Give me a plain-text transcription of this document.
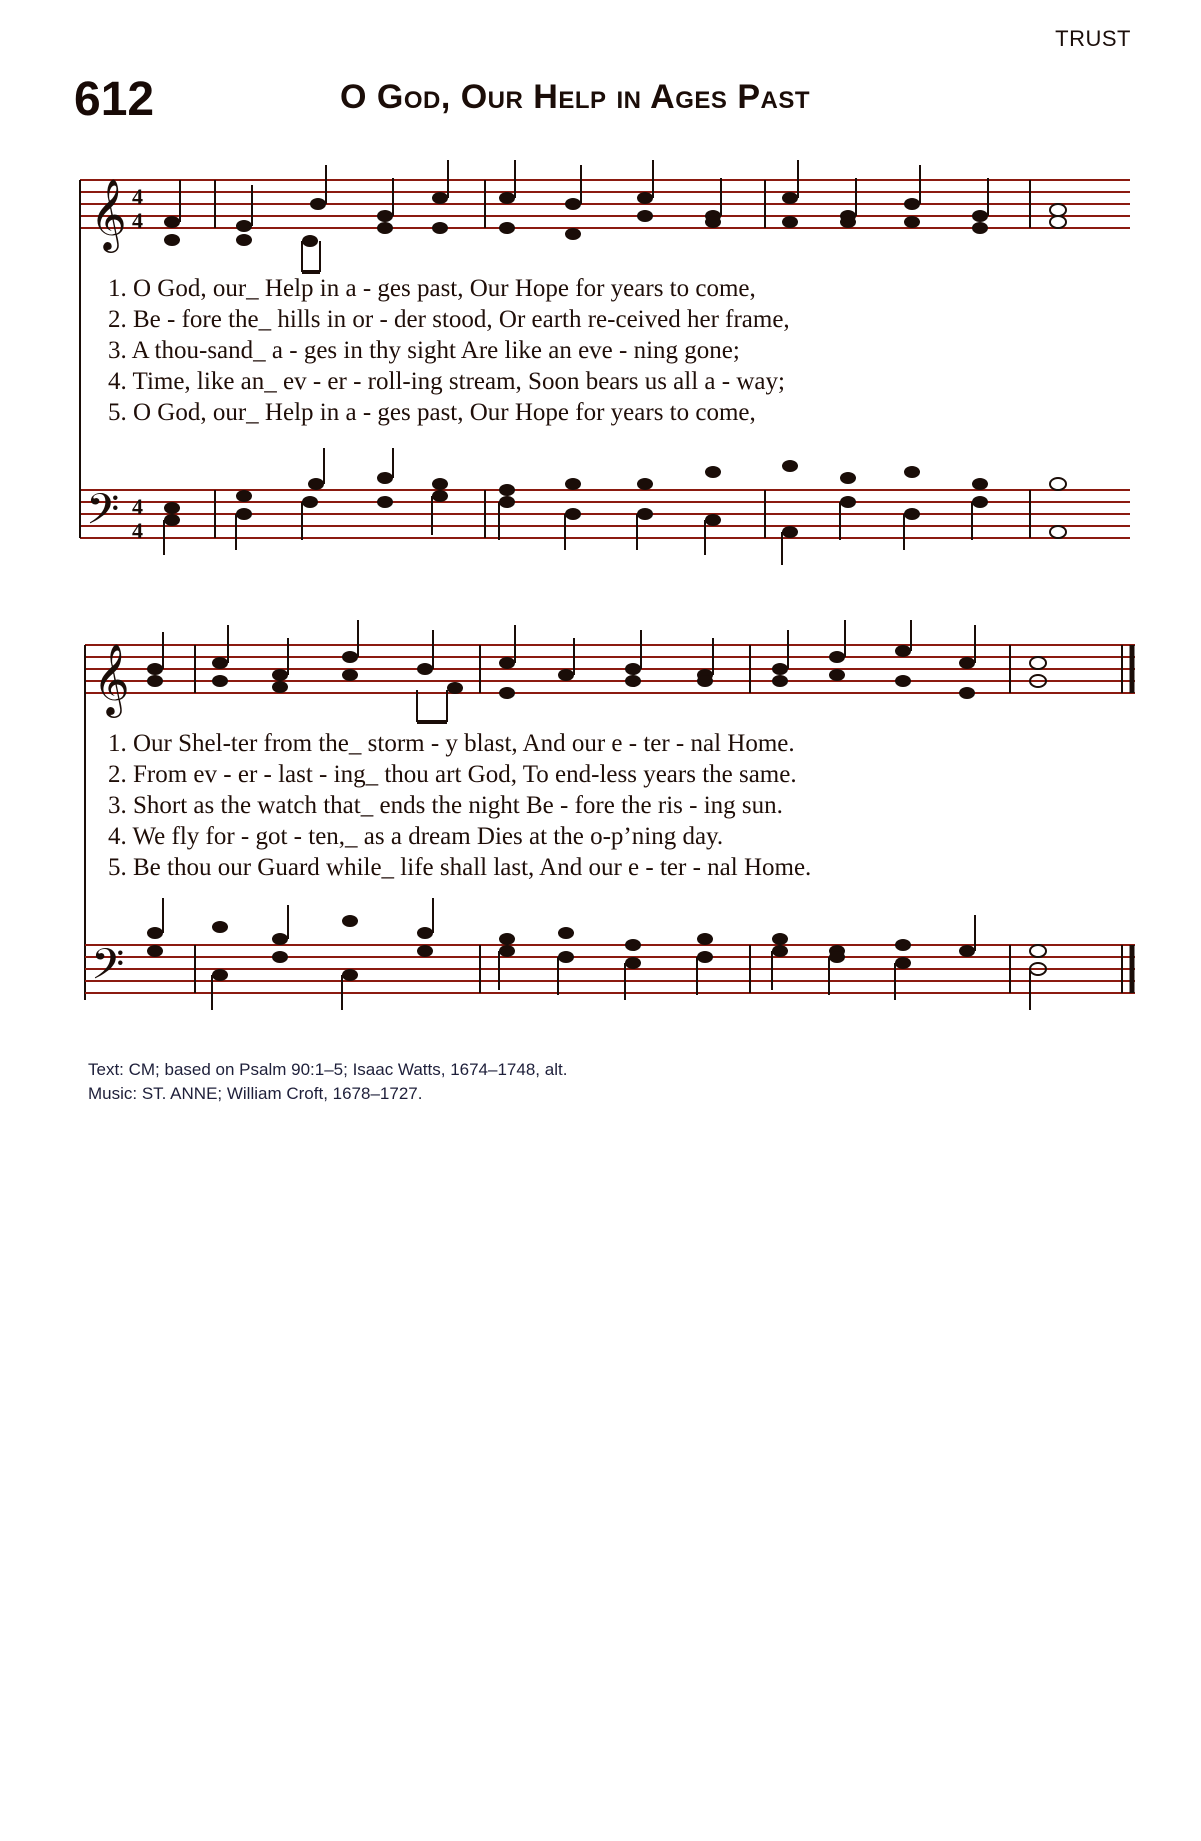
TRUST
612	O God, Our Help in Ages Past
𝄞 4
4
1. O God, our_ Help in a - ges past, Our Hope for years to come,
2. Be - fore the_ hills in or - der stood, Or earth re-ceived her frame,
3. A thou-sand_ a - ges in thy sight Are like an eve - ning gone;
4. Time, like an_ ev - er - roll-ing stream, Soon bears us all a - way;
5. O God, our_ Help in a - ges past, Our Hope for years to come,
𝄢 4
4
𝄞
1. Our Shel-ter from the_ storm - y blast, And our e - ter - nal Home.
2. From ev - er - last - ing_ thou art God, To end-less years the same.
3. Short as the watch that_ ends the night Be - fore the ris - ing sun.
4. We fly for - got - ten,_ as a dream Dies at the o-p’ning day.
5. Be thou our Guard while_ life shall last, And our e - ter - nal Home.
𝄢
Text: CM; based on Psalm 90:1–5; Isaac Watts, 1674–1748, alt.
Music: ST. ANNE; William Croft, 1678–1727.
